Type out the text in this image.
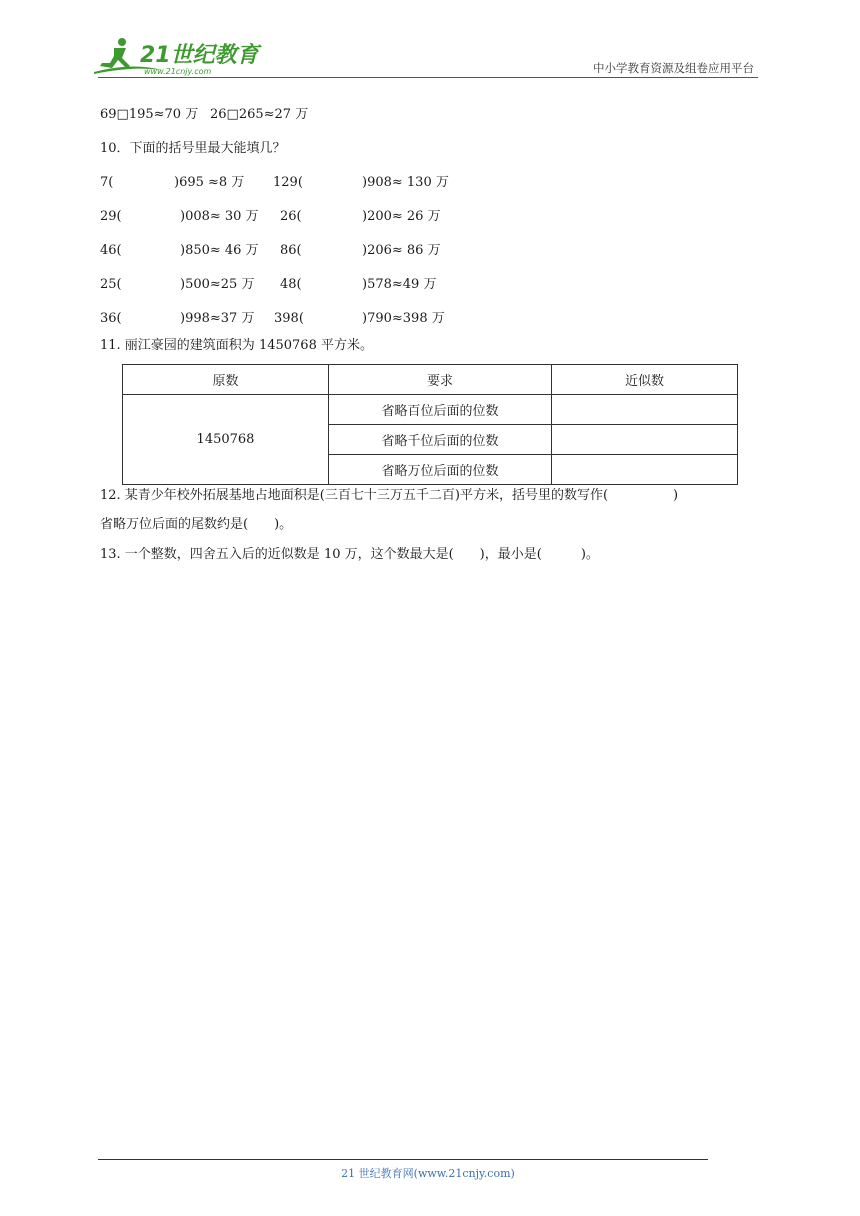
21世纪教育
www.21cnjy.com	中小学教育资源及组卷应用平台
69□195≈70 万 26□265≈27 万
10．下面的括号里最大能填几？
7(	)695 ≈8 万 129(	)908≈ 130 万
29(	)008≈ 30 万 26(	)200≈ 26 万
46(	)850≈ 46 万 86(	)206≈ 86 万
25(	)500≈25 万 48(	)578≈49 万
36(	)998≈37 万 398(	)790≈398 万
11. 丽江豪园的建筑面积为 1450768 平方米。
原数	要求	近似数
1450768	省略百位后面的位数	
	省略千位后面的位数	
	省略万位后面的位数	
12. 某青少年校外拓展基地占地面积是(三百七十三万五千二百)平方米，括号里的数写作(　　　　　)
省略万位后面的尾数约是(　　)。
13. 一个整数，四舍五入后的近似数是 10 万，这个数最大是(　　)，最小是(　　　)。
21 世纪教育网(www.21cnjy.com)
